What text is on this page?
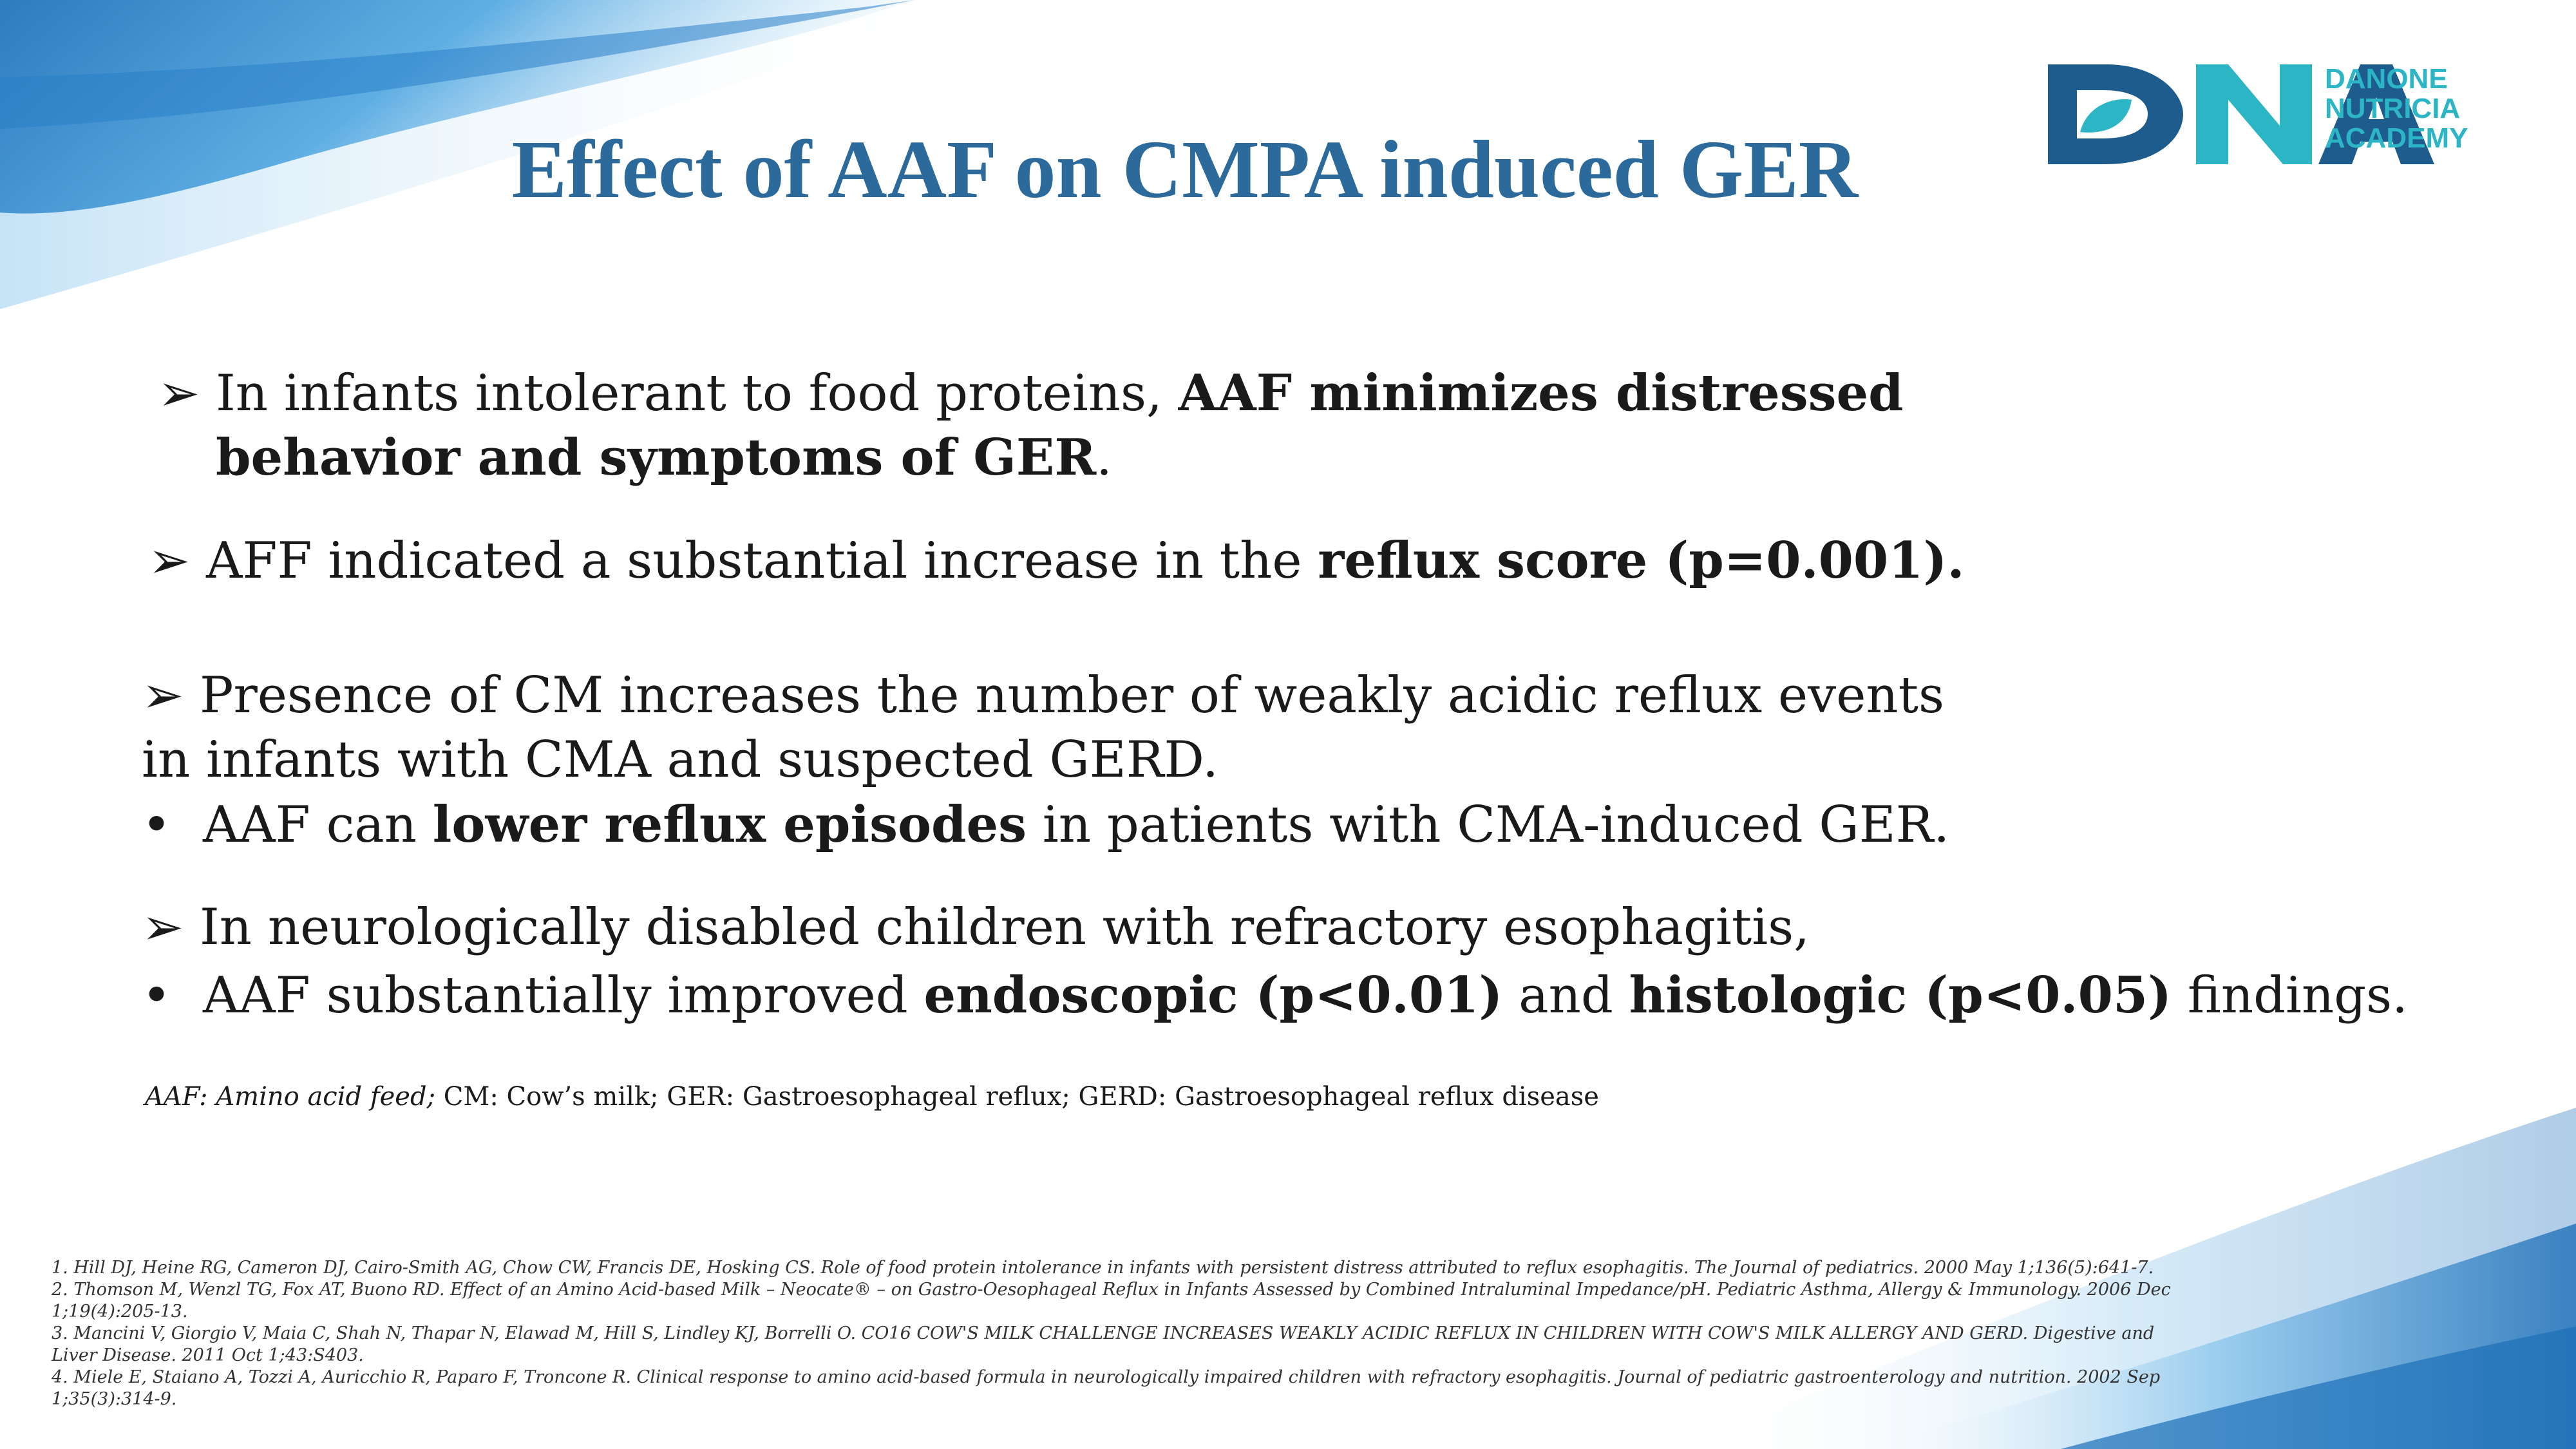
Effect of AAF on CMPA induced GER
DANONE
NUTRICIA
ACADEMY
➢ In infants intolerant to food proteins, AAF minimizes distressed
behavior and symptoms of GER.
➢ AFF indicated a substantial increase in the reflux score (p=0.001).
➢ Presence of CM increases the number of weakly acidic reflux events
in infants with CMA and suspected GERD.
• AAF can lower reflux episodes in patients with CMA-induced GER.
➢ In neurologically disabled children with refractory esophagitis,
• AAF substantially improved endoscopic (p<0.01) and histologic (p<0.05) findings.
AAF: Amino acid feed; CM: Cow’s milk; GER: Gastroesophageal reflux; GERD: Gastroesophageal reflux disease
1. Hill DJ, Heine RG, Cameron DJ, Cairo-Smith AG, Chow CW, Francis DE, Hosking CS. Role of food protein intolerance in infants with persistent distress attributed to reflux esophagitis. The Journal of pediatrics. 2000 May 1;136(5):641-7.
2. Thomson M, Wenzl TG, Fox AT, Buono RD. Effect of an Amino Acid-based Milk – Neocate® – on Gastro-Oesophageal Reflux in Infants Assessed by Combined Intraluminal Impedance/pH. Pediatric Asthma, Allergy & Immunology. 2006 Dec 1;19(4):205-13.
3. Mancini V, Giorgio V, Maia C, Shah N, Thapar N, Elawad M, Hill S, Lindley KJ, Borrelli O. CO16 COW'S MILK CHALLENGE INCREASES WEAKLY ACIDIC REFLUX IN CHILDREN WITH COW'S MILK ALLERGY AND GERD. Digestive and Liver Disease. 2011 Oct 1;43:S403.
4. Miele E, Staiano A, Tozzi A, Auricchio R, Paparo F, Troncone R. Clinical response to amino acid-based formula in neurologically impaired children with refractory esophagitis. Journal of pediatric gastroenterology and nutrition. 2002 Sep 1;35(3):314-9.
